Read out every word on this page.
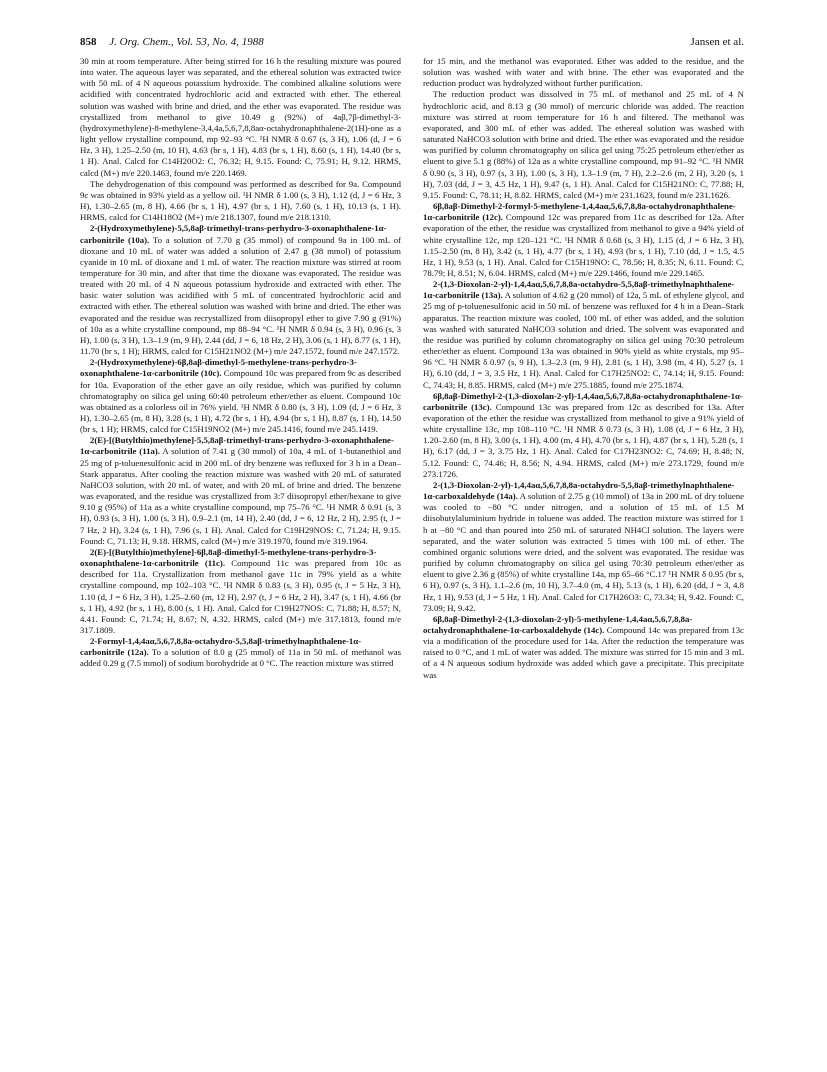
858 J. Org. Chem., Vol. 53, No. 4, 1988	Jansen et al.

30 min at room temperature. After being stirred for 16 h the resulting mixture was poured into water. The aqueous layer was separated, and the ethereal solution was extracted twice with 50 mL of 4 N aqueous potassium hydroxide. The combined alkaline solutions were acidified with concentrated hydrochloric acid and extracted with ether. The ethereal solution was washed with brine and dried, and the ether was evaporated. The residue was crystallized from methanol to give 10.49 g (92%) of 4aβ,7β-dimethyl-3-(hydroxymethylene)-8-methylene-3,4,4a,5,6,7,8,8aα-octahydronaphthalene-2(1H)-one as a light yellow crystalline compound, mp 92–93 °C. ¹H NMR δ 0.67 (s, 3 H), 1.06 (d, J = 6 Hz, 3 H), 1.25–2.50 (m, 10 H), 4.63 (br s, 1 H), 4.83 (br s, 1 H), 8.60 (s, 1 H), 14.40 (br s, 1 H). Anal. Calcd for C14H20O2: C, 76.32; H, 9.15. Found: C, 75.91; H, 9.12. HRMS, calcd (M+) m/e 220.1463, found m/e 220.1469.

The dehydrogenation of this compound was performed as described for 9a. Compound 9c was obtained in 93% yield as a yellow oil. ¹H NMR δ 1.00 (s, 3 H), 1.12 (d, J = 6 Hz, 3 H), 1.30–2.65 (m, 8 H), 4.66 (br s, 1 H), 4.97 (br s, 1 H), 7.60 (s, 1 H), 10.13 (s, 1 H). HRMS, calcd for C14H18O2 (M+) m/e 218.1307, found m/e 218.1310.

2-(Hydroxymethylene)-5,5,8aβ-trimethyl-trans-perhydro-3-oxonaphthalene-1α-carbonitrile (10a). To a solution of 7.70 g (35 mmol) of compound 9a in 100 mL of dioxane and 10 mL of water was added a solution of 2.47 g (38 mmol) of potassium cyanide in 10 mL of dioxane and 1 mL of water. The reaction mixture was stirred at room temperature for 30 min, and after that time the dioxane was evaporated. The residue was treated with 20 mL of 4 N aqueous potassium hydroxide and extracted with ether. The basic water solution was acidified with 5 mL of concentrated hydrochloric acid and extracted with ether. The ethereal solution was washed with brine and dried. The ether was evaporated and the residue was recrystallized from diisopropyl ether to give 7.90 g (91%) of 10a as a white crystalline compound, mp 88–94 °C. ¹H NMR δ 0.94 (s, 3 H), 0.96 (s, 3 H), 1.00 (s, 3 H), 1.3–1.9 (m, 9 H), 2.44 (dd, J = 6, 18 Hz, 2 H), 3.06 (s, 1 H), 8.77 (s, 1 H), 11.70 (br s, 1 H); HRMS, calcd for C15H21NO2 (M+) m/e 247.1572, found m/e 247.1572.

2-(Hydroxymethylene)-6β,8aβ-dimethyl-5-methylene-trans-perhydro-3-oxonaphthalene-1α-carbonitrile (10c). Compound 10c was prepared from 9c as described for 10a. Evaporation of the ether gave an oily residue, which was purified by column chromatography on silica gel using 60:40 petroleum ether/ether as eluent. Compound 10c was obtained as a colorless oil in 76% yield. ¹H NMR δ 0.80 (s, 3 H), 1.09 (d, J = 6 Hz, 3 H), 1.30–2.65 (m, 8 H), 3.28 (s, 1 H), 4.72 (br s, 1 H), 4.94 (br s, 1 H), 8.87 (s, 1 H), 14.50 (br s, 1 H); HRMS, calcd for C15H19NO2 (M+) m/e 245.1416, found m/e 245.1419.

2(E)-[(Butylthio)methylene]-5,5,8aβ-trimethyl-trans-perhydro-3-oxonaphthalene-1α-carbonitrile (11a). A solution of 7.41 g (30 mmol) of 10a, 4 mL of 1-butanethiol and 25 mg of p-toluenesulfonic acid in 200 mL of dry benzene was refluxed for 3 h in a Dean–Stark apparatus. After cooling the reaction mixture was washed with 20 mL of saturated NaHCO3 solution, with 20 mL of water, and with 20 mL of brine and dried. The benzene was evaporated, and the residue was crystallized from 3:7 diisopropyl ether/hexane to give 9.10 g (95%) of 11a as a white crystalline compound, mp 75–76 °C. ¹H NMR δ 0.91 (s, 3 H), 0.93 (s, 3 H), 1.00 (s, 3 H), 0.9–2.1 (m, 14 H), 2.40 (dd, J = 6, 12 Hz, 2 H), 2.95 (t, J = 7 Hz, 2 H), 3.24 (s, 1 H), 7.96 (s, 1 H). Anal. Calcd for C19H29NOS: C, 71.24; H, 9.15. Found: C, 71.13; H, 9.18. HRMS, calcd (M+) m/e 319.1970, found m/e 319.1964.

2(E)-[(Butylthio)methylene]-6β,8aβ-dimethyl-5-methylene-trans-perhydro-3-oxonaphthalene-1α-carbonitrile (11c). Compound 11c was prepared from 10c as described for 11a. Crystallization from methanol gave 11c in 79% yield as a white crystalline compound, mp 102–103 °C. ¹H NMR δ 0.83 (s, 3 H), 0.95 (t, J = 5 Hz, 3 H), 1.10 (d, J = 6 Hz, 3 H), 1.25–2.60 (m, 12 H), 2.97 (t, J = 6 Hz, 2 H), 3.47 (s, 1 H), 4.66 (br s, 1 H), 4.92 (br s, 1 H), 8.00 (s, 1 H). Anal. Calcd for C19H27NOS: C, 71.88; H, 8.57; N, 4.41. Found: C, 71.74; H, 8.67; N, 4.32. HRMS, calcd (M+) m/e 317.1813, found m/e 317.1809.

2-Formyl-1,4,4aα,5,6,7,8,8a-octahydro-5,5,8aβ-trimethylnaphthalene-1α-carbonitrile (12a). To a solution of 8.0 g (25 mmol) of 11a in 50 mL of methanol was added 0.29 g (7.5 mmol) of sodium borohydride at 0 °C. The reaction mixture was stirred

for 15 min, and the methanol was evaporated. Ether was added to the residue, and the solution was washed with water and with brine. The ether was evaporated and the reduction product was hydrolyzed without further purification.

The reduction product was dissolved in 75 mL of methanol and 25 mL of 4 N hydrochloric acid, and 8.13 g (30 mmol) of mercuric chloride was added. The reaction mixture was stirred at room temperature for 16 h and filtered. The methanol was evaporated, and 300 mL of ether was added. The ethereal solution was washed with saturated NaHCO3 solution with brine and dried. The ether was evaporated and the residue was purified by column chromatography on silica gel using 75:25 petroleum ether/ether as eluent to give 5.1 g (88%) of 12a as a white crystalline compound, mp 91–92 °C. ¹H NMR δ 0.90 (s, 3 H), 0.97 (s, 3 H), 1.00 (s, 3 H), 1.3–1.9 (m, 7 H), 2.2–2.6 (m, 2 H), 3.20 (s, 1 H), 7.03 (dd, J = 3, 4.5 Hz, 1 H), 9.47 (s, 1 H). Anal. Calcd for C15H21NO: C, 77.88; H, 9.15. Found: C, 78.11; H, 8.82. HRMS, calcd (M+) m/e 231.1623, found m/e 231.1626.

6β,8aβ-Dimethyl-2-formyl-5-methylene-1,4,4aα,5,6,7,8,8a-octahydronaphthalene-1α-carbonitrile (12c). Compound 12c was prepared from 11c as described for 12a. After evaporation of the ether, the residue was crystallized from methanol to give a 94% yield of white crystalline 12c, mp 120–121 °C. ¹H NMR δ 0.68 (s, 3 H), 1.15 (d, J = 6 Hz, 3 H), 1.15–2.50 (m, 8 H), 3.42 (s, 1 H), 4.77 (br s, 1 H), 4.93 (br s, 1 H), 7.10 (dd, J = 1.5, 4.5 Hz, 1 H), 9.53 (s, 1 H). Anal. Calcd for C15H19NO: C, 78.56; H, 8.35; N, 6.11. Found: C, 78.79; H, 8.51; N, 6.04. HRMS, calcd (M+) m/e 229.1466, found m/e 229.1465.

2-(1,3-Dioxolan-2-yl)-1,4,4aα,5,6,7,8,8a-octahydro-5,5,8aβ-trimethylnaphthalene-1α-carbonitrile (13a). A solution of 4.62 g (20 mmol) of 12a, 5 mL of ethylene glycol, and 25 mg of p-toluenesulfonic acid in 50 mL of benzene was refluxed for 4 h in a Dean–Stark apparatus. The reaction mixture was cooled, 100 mL of ether was added, and the solution was washed with saturated NaHCO3 solution and dried. The solvent was evaporated and the residue was purified by column chromatography on silica gel using 70:30 petroleum ether/ether as eluent. Compound 13a was obtained in 90% yield as white crystals, mp 95–96 °C. ¹H NMR δ 0.97 (s, 9 H), 1.3–2.3 (m, 9 H), 2.81 (s, 1 H), 3.98 (m, 4 H), 5.27 (s, 1 H), 6.10 (dd, J = 3, 3.5 Hz, 1 H). Anal. Calcd for C17H25NO2: C, 74.14; H, 9.15. Found: C, 74.43; H, 8.85. HRMS, calcd (M+) m/e 275.1885, found m/e 275.1874.

6β,8aβ-Dimethyl-2-(1,3-dioxolan-2-yl)-1,4,4aα,5,6,7,8,8a-octahydronaphthalene-1α-carbonitrile (13c). Compound 13c was prepared from 12c as described for 13a. After evaporation of the ether the residue was crystallized from methanol to give a 91% yield of white crystalline 13c, mp 108–110 °C. ¹H NMR δ 0.73 (s, 3 H), 1.08 (d, J = 6 Hz, 3 H), 1.20–2.60 (m, 8 H), 3.00 (s, 1 H), 4.00 (m, 4 H), 4.70 (br s, 1 H), 4.87 (br s, 1 H), 5.28 (s, 1 H), 6.17 (dd, J = 3, 3.75 Hz, 1 H). Anal. Calcd for C17H23NO2: C, 74.69; H, 8.48; N, 5.12. Found: C, 74.46; H, 8.56; N, 4.94. HRMS, calcd (M+) m/e 273.1729, found m/e 273.1726.

2-(1,3-Dioxolan-2-yl)-1,4,4aα,5,6,7,8,8a-octahydro-5,5,8aβ-trimethylnaphthalene-1α-carboxaldehyde (14a). A solution of 2.75 g (10 mmol) of 13a in 200 mL of dry toluene was cooled to −80 °C under nitrogen, and a solution of 15 mL of 1.5 M diisobutylaluminium hydride in toluene was added. The reaction mixture was stirred for 1 h at −80 °C and than poured into 250 mL of saturated NH4Cl solution. The layers were separated, and the water solution was extracted 5 times with 100 mL of ether. The combined organic solutions were dried, and the solvent was evaporated. The residue was purified by column chromatography on silica gel using 70:30 petroleum ether/ether as eluent to give 2.36 g (85%) of white crystalline 14a, mp 65–66 °C.17 ¹H NMR δ 0.95 (br s, 6 H), 0.97 (s, 3 H), 1.1–2.6 (m, 10 H), 3.7–4.0 (m, 4 H), 5.13 (s, 1 H), 6.20 (dd, J = 3, 4.8 Hz, 1 H), 9.53 (d, J = 5 Hz, 1 H). Anal. Calcd for C17H26O3: C, 73.34; H, 9.42. Found: C, 73.09; H, 9.42.

6β,8aβ-Dimethyl-2-(1,3-dioxolan-2-yl)-5-methylene-1,4,4aα,5,6,7,8,8a-octahydronaphthalene-1α-carboxaldehyde (14c). Compound 14c was prepared from 13c via a modification of the procedure used for 14a. After the reduction the temperature was raised to 0 °C, and 1 mL of water was added. The mixture was stirred for 15 min and 3 mL of a 4 N aqueous sodium hydroxide was added which gave a precipitate. This precipitate was
